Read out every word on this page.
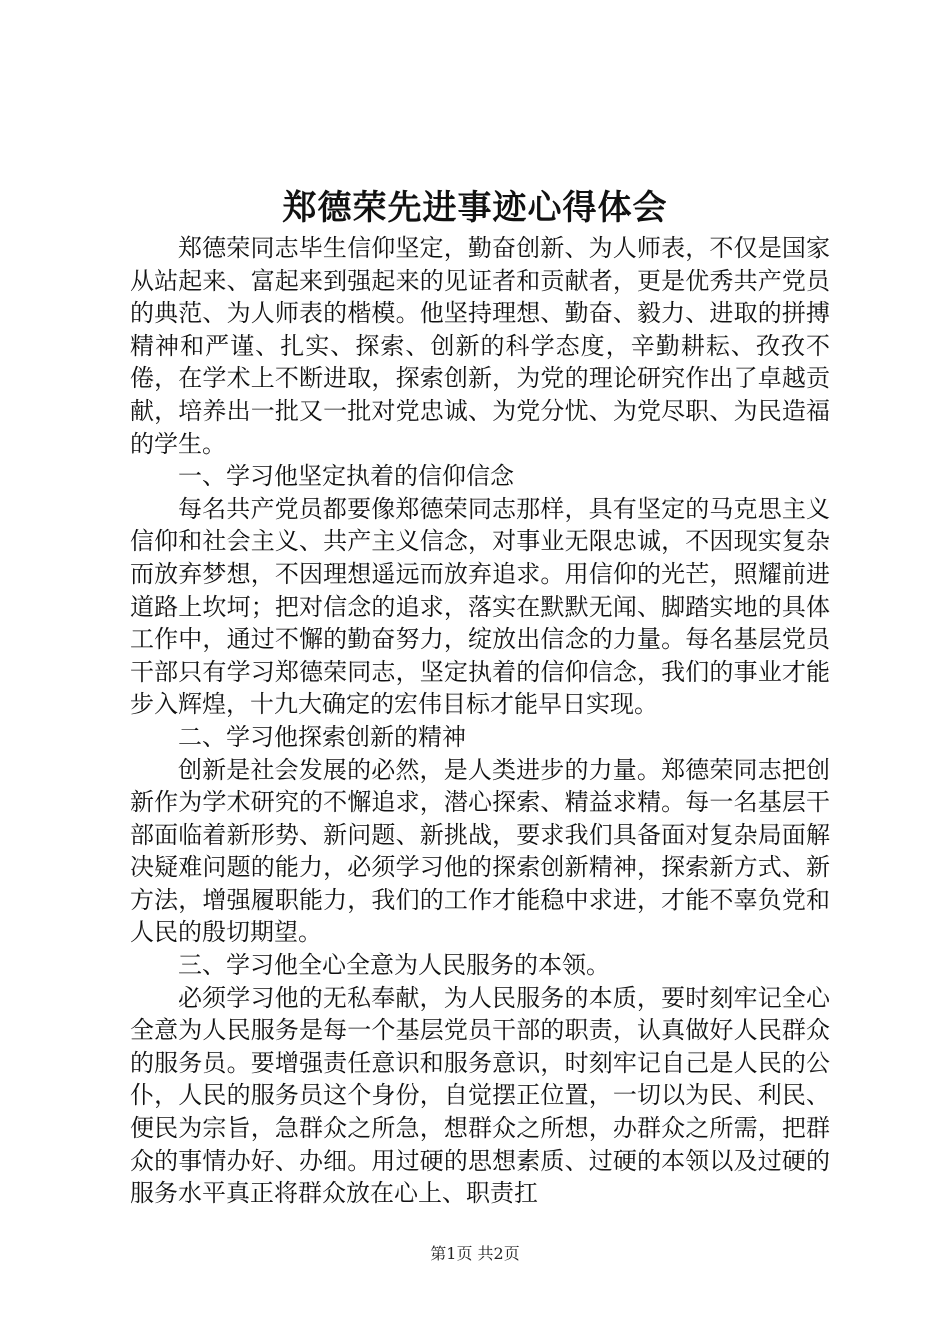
郑德荣先进事迹心得体会

郑德荣同志毕生信仰坚定，勤奋创新、为人师表，不仅是国家从站起来、富起来到强起来的见证者和贡献者，更是优秀共产党员的典范、为人师表的楷模。他坚持理想、勤奋、毅力、进取的拼搏精神和严谨、扎实、探索、创新的科学态度，辛勤耕耘、孜孜不倦，在学术上不断进取，探索创新，为党的理论研究作出了卓越贡献，培养出一批又一批对党忠诚、为党分忧、为党尽职、为民造福的学生。

一、学习他坚定执着的信仰信念

每名共产党员都要像郑德荣同志那样，具有坚定的马克思主义信仰和社会主义、共产主义信念，对事业无限忠诚，不因现实复杂而放弃梦想，不因理想遥远而放弃追求。用信仰的光芒，照耀前进道路上坎坷；把对信念的追求，落实在默默无闻、脚踏实地的具体工作中，通过不懈的勤奋努力，绽放出信念的力量。每名基层党员干部只有学习郑德荣同志，坚定执着的信仰信念，我们的事业才能步入辉煌，十九大确定的宏伟目标才能早日实现。

二、学习他探索创新的精神

创新是社会发展的必然，是人类进步的力量。郑德荣同志把创新作为学术研究的不懈追求，潜心探索、精益求精。每一名基层干部面临着新形势、新问题、新挑战，要求我们具备面对复杂局面解决疑难问题的能力，必须学习他的探索创新精神，探索新方式、新方法，增强履职能力，我们的工作才能稳中求进，才能不辜负党和人民的殷切期望。

三、学习他全心全意为人民服务的本领。

必须学习他的无私奉献，为人民服务的本质，要时刻牢记全心全意为人民服务是每一个基层党员干部的职责，认真做好人民群众的服务员。要增强责任意识和服务意识，时刻牢记自己是人民的公仆，人民的服务员这个身份，自觉摆正位置，一切以为民、利民、便民为宗旨，急群众之所急，想群众之所想，办群众之所需，把群众的事情办好、办细。用过硬的思想素质、过硬的本领以及过硬的服务水平真正将群众放在心上、职责扛

第1页 共2页
